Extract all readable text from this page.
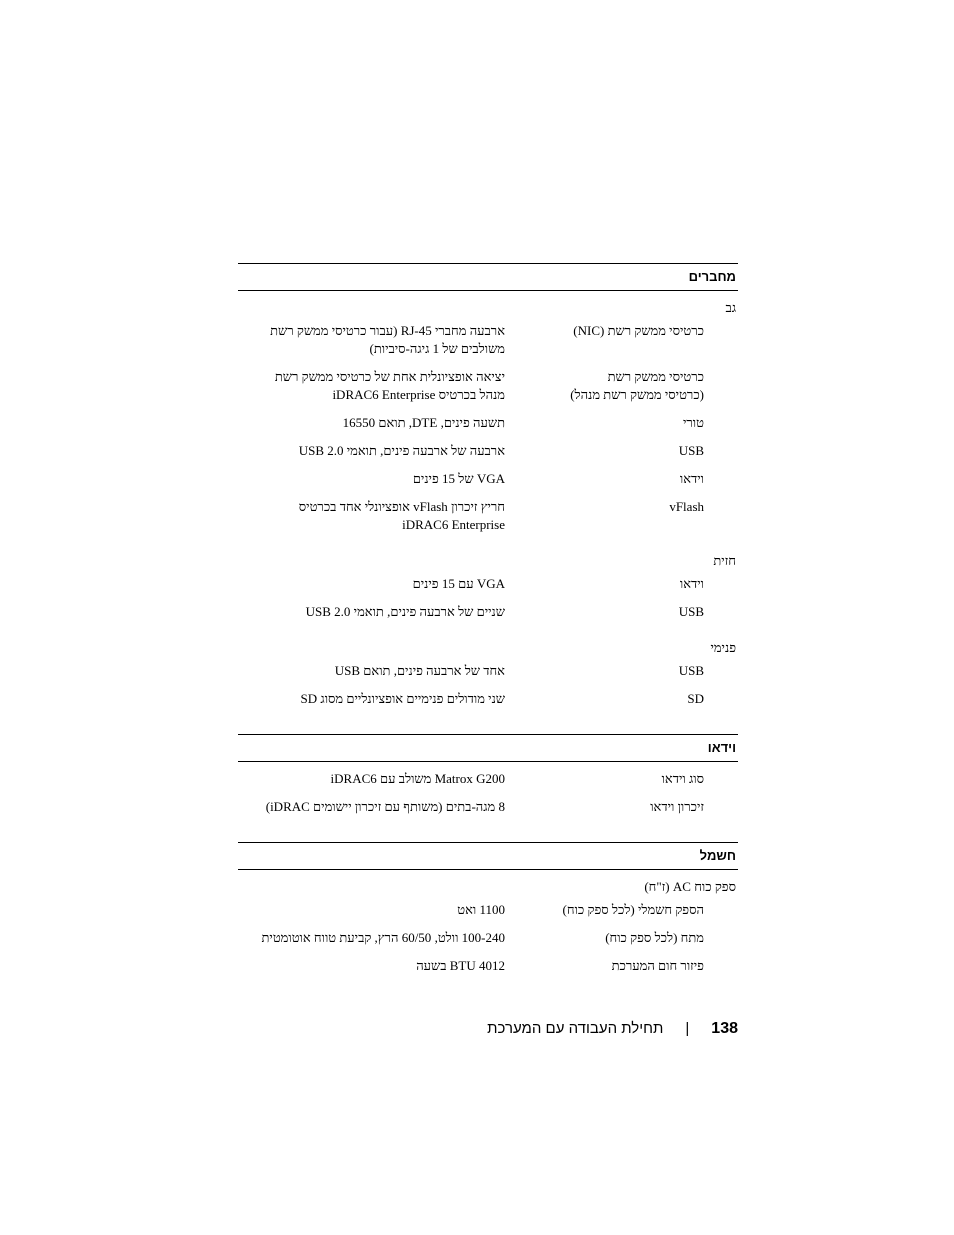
מחברים
גב
כרטיסי ממשק רשת (NIC)
ארבעה מחברי RJ-45 (עבור כרטיסי ממשק רשת
משולבים של 1 גיגה-סיביות)
כרטיסי ממשק רשת
(כרטיסי ממשק רשת מנהל)
יציאה אופציונלית אחת של כרטיסי ממשק רשת
מנהל בכרטיס iDRAC6 Enterprise
טורי
תשעה פינים, DTE, תואם 16550
USB
ארבעה של ארבעה פינים, תואמי USB 2.0
וידאו
VGA של 15 פינים
vFlash
חריץ זיכרון vFlash אופציונלי אחד בכרטיס
iDRAC6 Enterprise
חזית
וידאו
VGA עם 15 פינים
USB
שניים של ארבעה פינים, תואמי USB 2.0
פנימי
USB
אחד של ארבעה פינים, תואם USB
SD
שני מודולים פנימיים אופציונליים מסוג SD
וידאו
סוג וידאו
Matrox G200 משולב עם iDRAC6
זיכרון וידאו
8 מגה-בתים (משותף עם זיכרון יישומים iDRAC)
חשמל
ספק כוח AC (ז"ח)
הספק חשמלי (לכל ספק כוח)
1100 ואט
מתח (לכל ספק כוח)
100-240 וולט, 60/50 הרץ, קביעת טווח אוטומטית
פיזור חום המערכת
4012 BTU בשעה
138
|
תחילת העבודה עם המערכת
